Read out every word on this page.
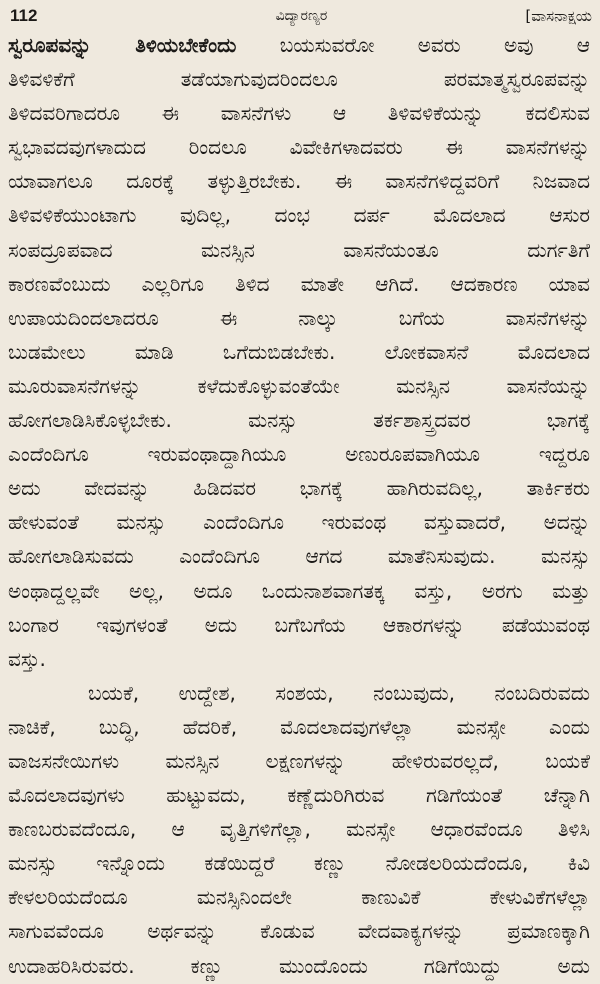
112	ವಿದ್ಯಾರಣ್ಯರ	[ವಾಸನಾಕ್ಷಯ
ಸ್ವರೂಪವನ್ನು ತಿಳಿಯಬೇಕೆಂದು ಬಯಸುವರೋ ಅವರು ಅವು ಆ
ತಿಳಿವಳಿಕೆಗೆ ತಡೆಯಾಗುವುದರಿಂದಲೂ ಪರಮಾತ್ಮಸ್ವರೂಪವನ್ನು
ತಿಳಿದವರಿಗಾದರೂ ಈ ವಾಸನೆಗಳು ಆ ತಿಳಿವಳಿಕೆಯನ್ನು ಕದಲಿಸುವ
ಸ್ವಭಾವದವುಗಳಾದುದ ರಿಂದಲೂ ವಿವೇಕಿಗಳಾದವರು ಈ ವಾಸನೆಗಳನ್ನು
ಯಾವಾಗಲೂ ದೂರಕ್ಕೆ ತಳ್ಳುತ್ತಿರಬೇಕು. ಈ ವಾಸನೆಗಳಿದ್ದವರಿಗೆ ನಿಜವಾದ
ತಿಳಿವಳಿಕೆಯುಂಟಾಗು ವುದಿಲ್ಲ, ದಂಭ ದರ್ಪ ಮೊದಲಾದ ಆಸುರ
ಸಂಪದ್ರೂಪವಾದ ಮನಸ್ಸಿನ ವಾಸನೆಯಂತೂ ದುರ್ಗತಿಗೆ
ಕಾರಣವೆಂಬುದು ಎಲ್ಲರಿಗೂ ತಿಳಿದ ಮಾತೇ ಆಗಿದೆ. ಆದಕಾರಣ ಯಾವ
ಉಪಾಯದಿಂದಲಾದರೂ ಈ ನಾಲ್ಕು ಬಗೆಯ ವಾಸನೆಗಳನ್ನು
ಬುಡಮೇಲು ಮಾಡಿ ಒಗೆದುಬಿಡಬೇಕು. ಲೋಕವಾಸನೆ ಮೊದಲಾದ
ಮೂರುವಾಸನೆಗಳನ್ನು ಕಳೆದುಕೊಳ್ಳುವಂತೆಯೇ ಮನಸ್ಸಿನ ವಾಸನೆಯನ್ನು
ಹೋಗಲಾಡಿಸಿಕೊಳ್ಳಬೇಕು. ಮನಸ್ಸು ತರ್ಕಶಾಸ್ತ್ರದವರ ಭಾಗಕ್ಕೆ
ಎಂದೆಂದಿಗೂ ಇರುವಂಥಾದ್ದಾಗಿಯೂ ಅಣುರೂಪವಾಗಿಯೂ ಇದ್ದರೂ
ಅದು ವೇದವನ್ನು ಹಿಡಿದವರ ಭಾಗಕ್ಕೆ ಹಾಗಿರುವದಿಲ್ಲ, ತಾರ್ಕಿಕರು
ಹೇಳುವಂತೆ ಮನಸ್ಸು ಎಂದೆಂದಿಗೂ ಇರುವಂಥ ವಸ್ತುವಾದರೆ, ಅದನ್ನು
ಹೋಗಲಾಡಿಸುವದು ಎಂದೆಂದಿಗೂ ಆಗದ ಮಾತೆನಿಸುವುದು. ಮನಸ್ಸು
ಅಂಥಾದ್ದಲ್ಲವೇ ಅಲ್ಲ, ಅದೂ ಒಂದುನಾಶವಾಗತಕ್ಕ ವಸ್ತು, ಅರಗು ಮತ್ತು
ಬಂಗಾರ ಇವುಗಳಂತೆ ಅದು ಬಗೆಬಗೆಯ ಆಕಾರಗಳನ್ನು ಪಡೆಯುವಂಥ
ವಸ್ತು.
ಬಯಕೆ, ಉದ್ದೇಶ, ಸಂಶಯ, ನಂಬುವುದು, ನಂಬದಿರುವದು
ನಾಚಿಕೆ, ಬುದ್ಧಿ, ಹೆದರಿಕೆ, ಮೊದಲಾದವುಗಳೆಲ್ಲಾ ಮನಸ್ಸೇ ಎಂದು
ವಾಜಸನೇಯಿಗಳು ಮನಸ್ಸಿನ ಲಕ್ಷಣಗಳನ್ನು ಹೇಳಿರುವರಲ್ಲದೆ, ಬಯಕೆ
ಮೊದಲಾದವುಗಳು ಹುಟ್ಟುವದು, ಕಣ್ಣೆದುರಿಗಿರುವ ಗಡಿಗೆಯಂತೆ ಚೆನ್ನಾಗಿ
ಕಾಣಬರುವದೆಂದೂ, ಆ ವೃತ್ತಿಗಳಿಗೆಲ್ಲಾ, ಮನಸ್ಸೇ ಆಧಾರವೆಂದೂ ತಿಳಿಸಿ
ಮನಸ್ಸು ಇನ್ನೊಂದು ಕಡೆಯಿದ್ದರೆ ಕಣ್ಣು ನೋಡಲರಿಯದೆಂದೂ, ಕಿವಿ
ಕೇಳಲರಿಯದೆಂದೂ ಮನಸ್ಸಿನಿಂದಲೇ ಕಾಣುವಿಕೆ ಕೇಳುವಿಕೆಗಳೆಲ್ಲಾ
ಸಾಗುವವೆಂದೂ ಅರ್ಥವನ್ನು ಕೊಡುವ ವೇದವಾಕ್ಯಗಳನ್ನು ಪ್ರಮಾಣಕ್ಕಾಗಿ
ಉದಾಹರಿಸಿರುವರು. ಕಣ್ಣು ಮುಂದೊಂದು ಗಡಿಗೆಯಿದ್ದು ಅದು
